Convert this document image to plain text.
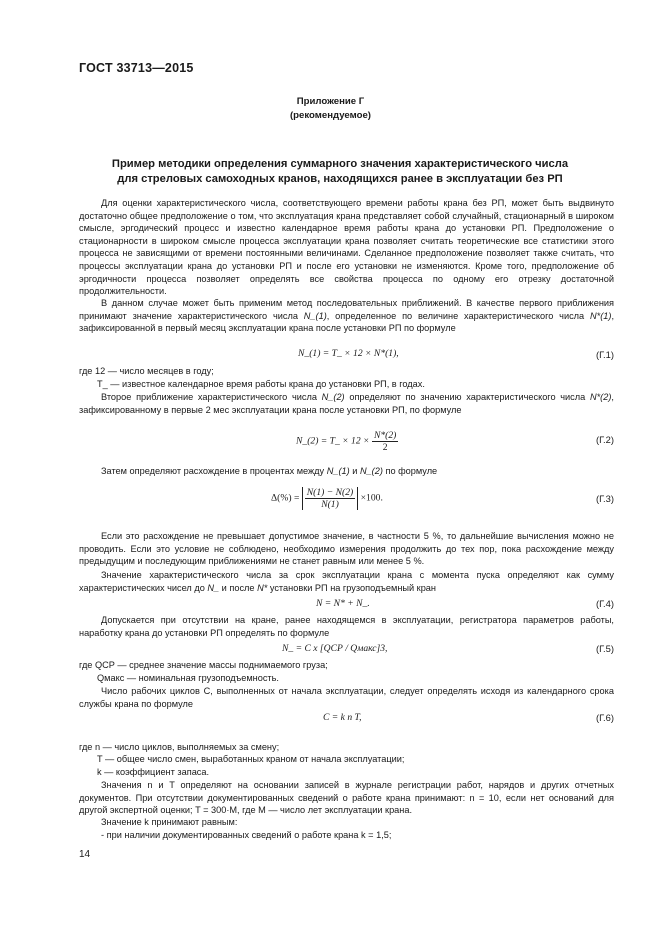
ГОСТ 33713—2015
Приложение Г
(рекомендуемое)
Пример методики определения суммарного значения характеристического числа
для стреловых самоходных кранов, находящихся ранее в эксплуатации без РП

Для оценки характеристического числа, соответствующего времени работы крана без РП, может быть выдвинуто достаточно общее предположение о том, что эксплуатация крана представляет собой случайный, стационарный в широком смысле, эргодический процесс и известно календарное время работы крана до установки РП. Предположение о стационарности в широком смысле процесса эксплуатации крана позволяет считать теоретические все статистики этого процесса не зависящими от времени постоянными величинами. Сделанное предположение позволяет также считать, что процессы эксплуатации крана до установки РП и после его установки не изменяются. Кроме того, предположение об эргодичности процесса позволяет определять все свойства процесса по одному его отрезку достаточной продолжительности.

В данном случае может быть применим метод последовательных приближений. В качестве первого приближения принимают значение характеристического числа N_(1), определенное по величине характеристического числа N*(1), зафиксированной в первый месяц эксплуатации крана после установки РП по формуле

N_(1) = T_ × 12 × N*(1),	(Г.1)
где 12 — число месяцев в году;
T_ — известное календарное время работы крана до установки РП, в годах.

Второе приближение характеристического числа N_(2) определяют по значению характеристического числа N*(2), зафиксированному в первые 2 мес эксплуатации крана после установки РП, по формуле

N_(2) = T_ × $12 \times \frac{N*(2)}{2}$	(Г.2)

Затем определяют расхождение в процентах между N_(1) и N_(2) по формуле

$\Delta(\%) = \frac{N(1) - N(2)}{N(1)} \times 100$.	(Г.3)

Если это расхождение не превышает допустимое значение, в частности 5 %, то дальнейшие вычисления можно не проводить. Если это условие не соблюдено, необходимо измерения продолжить до тех пор, пока расхождение между предыдущим и последующим приближениями не станет равным или менее 5 %.

Значение характеристического числа за срок эксплуатации крана с момента пуска определяют как сумму характеристических чисел до N_ и после N* установки РП на грузоподъемный кран

N = N* + N_.	(Г.4)

Допускается при отсутствии на кране, ранее находящемся в эксплуатации, регистратора параметров работы, наработку крана до установки РП определять по формуле

N_ = C x [QСР / Qмакс]3,	(Г.5)
где QСР — среднее значение массы поднимаемого груза;
Qмакс — номинальная грузоподъемность.

Число рабочих циклов C, выполненных от начала эксплуатации, следует определять исходя из календарного срока службы крана по формуле

C = k n T,	(Г.6)
где n — число циклов, выполняемых за смену;
T — общее число смен, выработанных краном от начала эксплуатации;
k — коэффициент запаса.

Значения n и T определяют на основании записей в журнале регистрации работ, нарядов и других отчетных документов. При отсутствии документированных сведений о работе крана принимают: n = 10, если нет оснований для другой экспертной оценки; T = 300·M, где M — число лет эксплуатации крана.

Значение k принимают равным:
- при наличии документированных сведений о работе крана k = 1,5;
14
